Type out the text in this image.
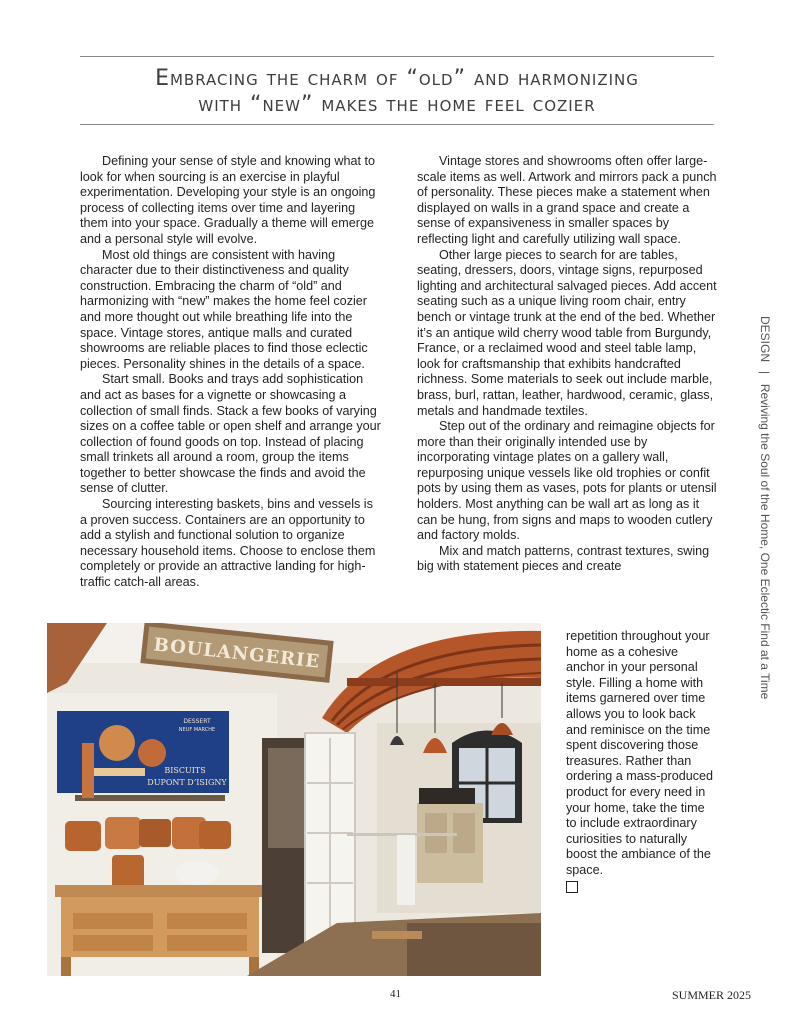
Embracing the charm of “old” and harmonizing
with “new” makes the home feel cozier

Defining your sense of style and knowing what to look for when sourcing is an exercise in playful experimentation. Developing your style is an ongoing process of collecting items over time and layering them into your space. Gradually a theme will emerge and a personal style will evolve.

Most old things are consistent with having character due to their distinctiveness and quality construction. Embracing the charm of “old” and harmonizing with “new” makes the home feel cozier and more thought out while breathing life into the space. Vintage stores, antique malls and curated showrooms are reliable places to find those eclectic pieces. Personality shines in the details of a space.

Start small. Books and trays add sophistication and act as bases for a vignette or showcasing a collection of small finds. Stack a few books of varying sizes on a coffee table or open shelf and arrange your collection of found goods on top. Instead of placing small trinkets all around a room, group the items together to better showcase the finds and avoid the sense of clutter.

Sourcing interesting baskets, bins and vessels is a proven success. Containers are an opportunity to add a stylish and functional solution to organize necessary household items. Choose to enclose them completely or provide an attractive landing for high-traffic catch-all areas.

Vintage stores and showrooms often offer large-scale items as well. Artwork and mirrors pack a punch of personality. These pieces make a statement when displayed on walls in a grand space and create a sense of expansiveness in smaller spaces by reflecting light and carefully utilizing wall space.

Other large pieces to search for are tables, seating, dressers, doors, vintage signs, repurposed lighting and architectural salvaged pieces. Add accent seating such as a unique living room chair, entry bench or vintage trunk at the end of the bed. Whether it’s an antique wild cherry wood table from Burgundy, France, or a reclaimed wood and steel table lamp, look for craftsmanship that exhibits handcrafted richness. Some materials to seek out include marble, brass, burl, rattan, leather, hardwood, ceramic, glass, metals and handmade textiles.

Step out of the ordinary and reimagine objects for more than their originally intended use by incorporating vintage plates on a gallery wall, repurposing unique vessels like old trophies or confit pots by using them as vases, pots for plants or utensil holders. Most anything can be wall art as long as it can be hung, from signs and maps to wooden cutlery and factory molds.

Mix and match patterns, contrast textures, swing big with statement pieces and create

repetition throughout your home as a cohesive anchor in your personal style. Filling a home with items garnered over time allows you to look back and reminisce on the time spent discovering those treasures. Rather than ordering a mass-produced product for every need in your home, take the time to include extraordinary curiosities to naturally boost the ambiance of the space.

DESIGN | Reviving the Soul of the Home, One Eclectic Find at a Time
BOULANGERIE
DESSERT
NEUF MARCHE
BISCUITS
DUPONT D’ISIGNY
41	SUMMER 2025
